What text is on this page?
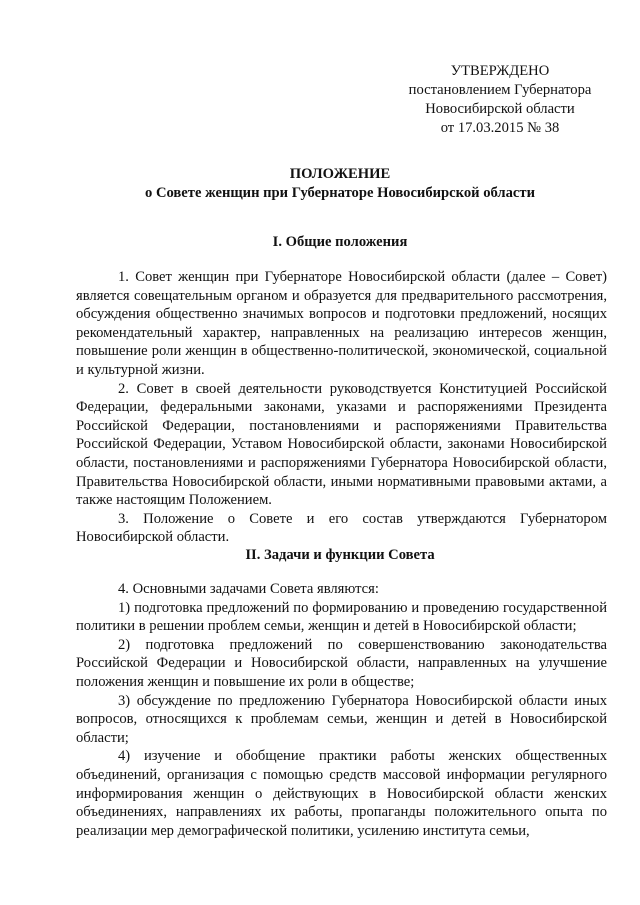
УТВЕРЖДЕНО
постановлением Губернатора
Новосибирской области
от 17.03.2015 № 38
ПОЛОЖЕНИЕ
о Совете женщин при Губернаторе Новосибирской области
I. Общие положения

1. Совет женщин при Губернаторе Новосибирской области (далее – Совет) является совещательным органом и образуется для предварительного рассмотрения, обсуждения общественно значимых вопросов и подготовки предложений, носящих рекомендательный характер, направленных на реализацию интересов женщин, повышение роли женщин в общественно-политической, экономической, социальной и культурной жизни.

2. Совет в своей деятельности руководствуется Конституцией Российской Федерации, федеральными законами, указами и распоряжениями Президента Российской Федерации, постановлениями и распоряжениями Правительства Российской Федерации, Уставом Новосибирской области, законами Новосибирской области, постановлениями и распоряжениями Губернатора Новосибирской области, Правительства Новосибирской области, иными нормативными правовыми актами, а также настоящим Положением.

3. Положение о Совете и его состав утверждаются Губернатором Новосибирской области.

II. Задачи и функции Совета

4. Основными задачами Совета являются:

1) подготовка предложений по формированию и проведению государственной политики в решении проблем семьи, женщин и детей в Новосибирской области;

2) подготовка предложений по совершенствованию законодательства Российской Федерации и Новосибирской области, направленных на улучшение положения женщин и повышение их роли в обществе;

3) обсуждение по предложению Губернатора Новосибирской области иных вопросов, относящихся к проблемам семьи, женщин и детей в Новосибирской области;

4) изучение и обобщение практики работы женских общественных объединений, организация с помощью средств массовой информации регулярного информирования женщин о действующих в Новосибирской области женских объединениях, направлениях их работы, пропаганды положительного опыта по реализации мер демографической политики, усилению института семьи,
